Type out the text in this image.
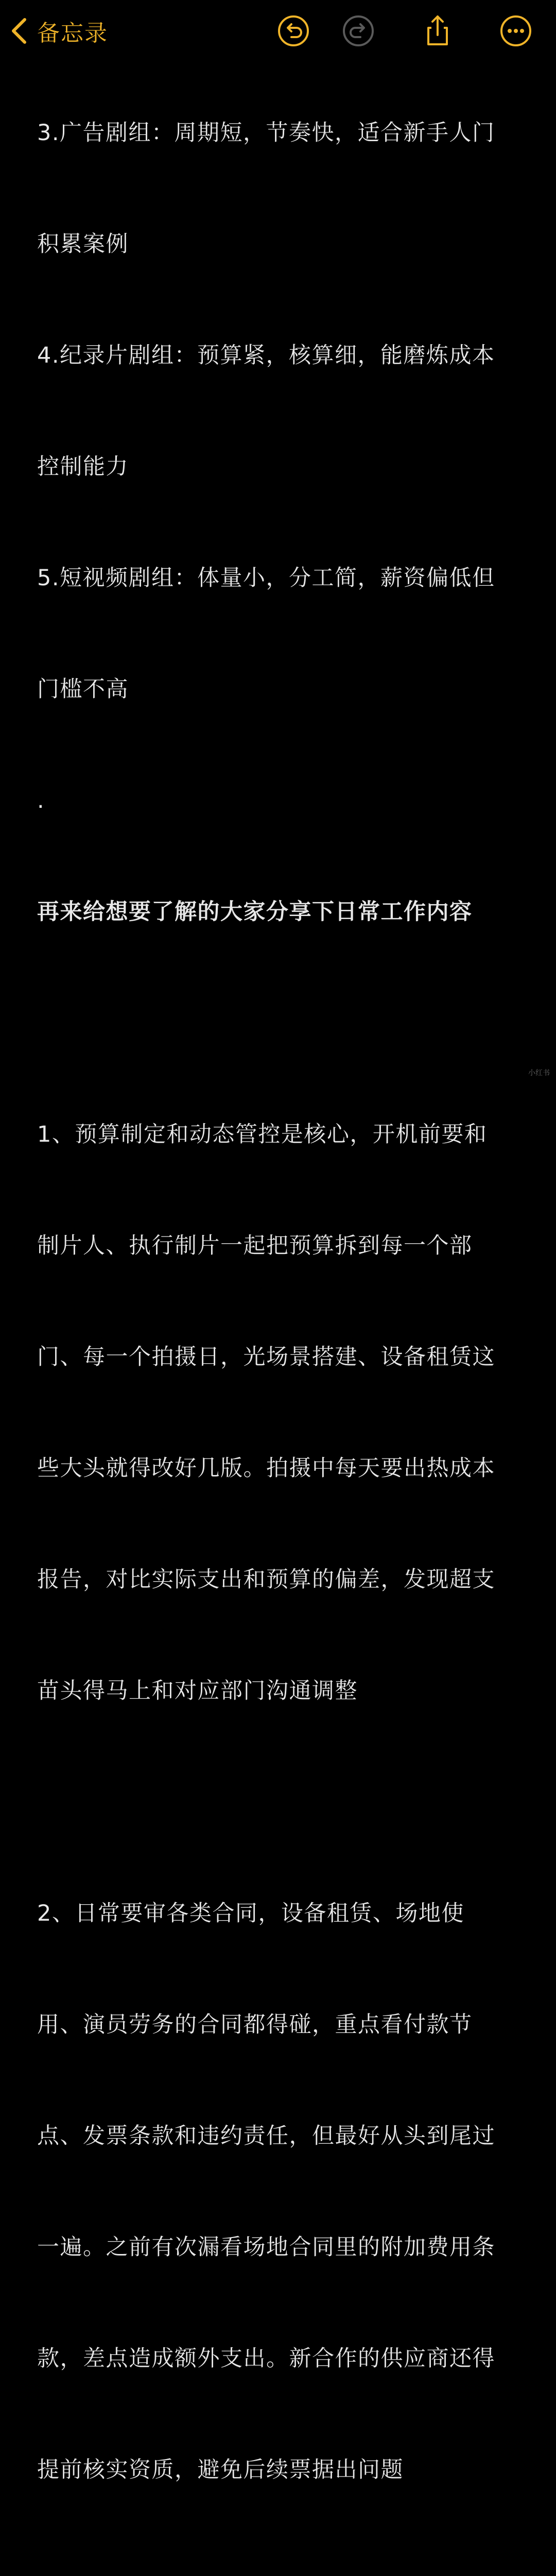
备忘录

3.广告剧组：周期短，节奏快，适合新手人门

积累案例

4.纪录片剧组：预算紧，核算细，能磨炼成本

控制能力

5.短视频剧组：体量小，分工简，薪资偏低但

门槛不高

.

再来给想要了解的大家分享下日常工作内容

1、预算制定和动态管控是核心，开机前要和

制片人、执行制片一起把预算拆到每一个部

门、每一个拍摄日，光场景搭建、设备租赁这

些大头就得改好几版。拍摄中每天要出热成本

报告，对比实际支出和预算的偏差，发现超支

苗头得马上和对应部门沟通调整

2、日常要审各类合同，设备租赁、场地使

用、演员劳务的合同都得碰，重点看付款节

点、发票条款和违约责任，但最好从头到尾过

一遍。之前有次漏看场地合同里的附加费用条

款，差点造成额外支出。新合作的供应商还得

提前核实资质，避免后续票据出问题

小红书
